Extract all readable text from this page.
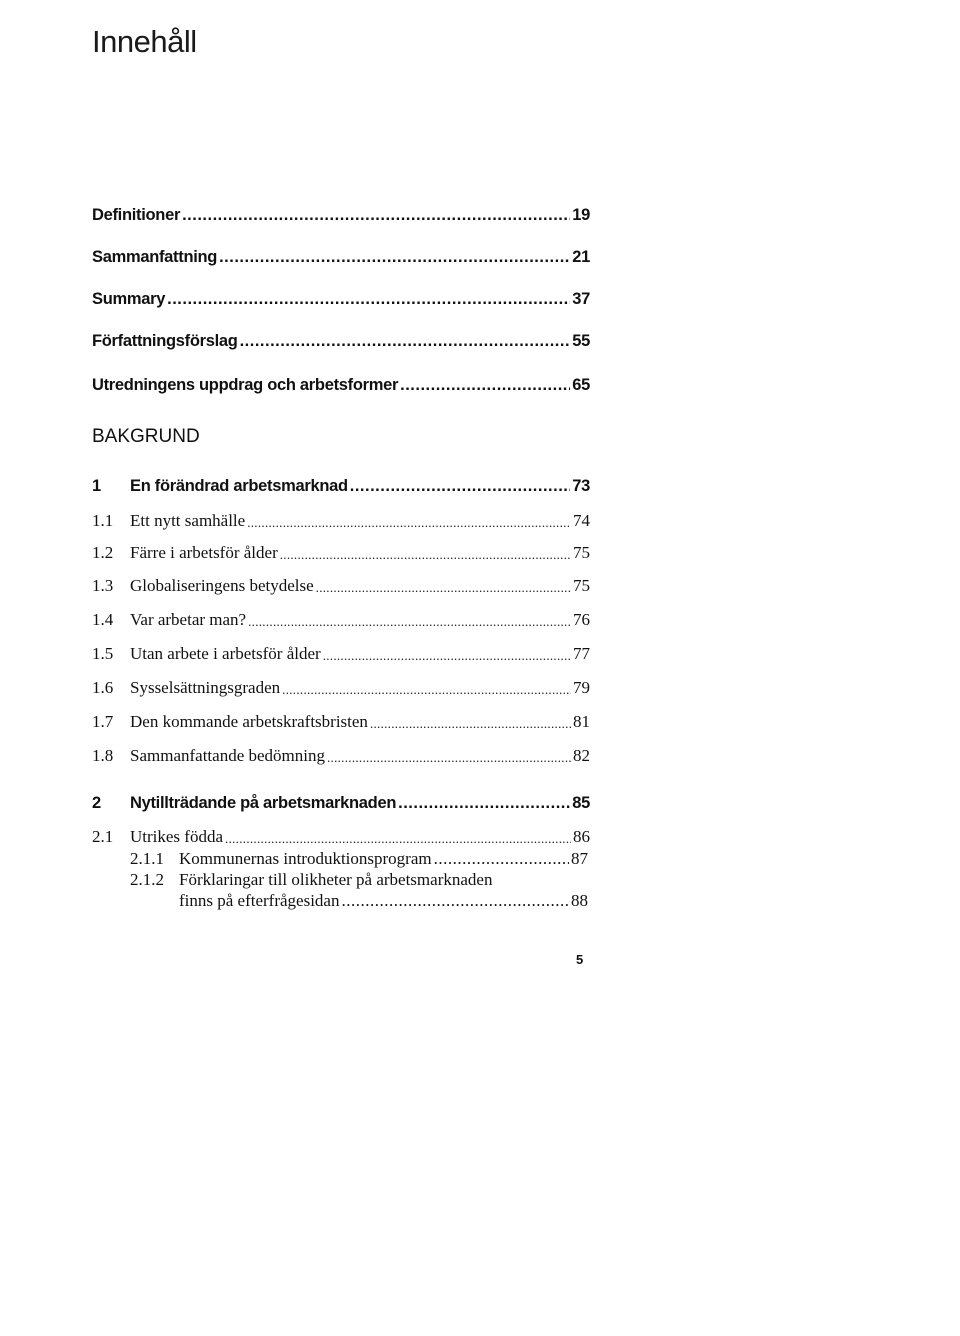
Innehåll
Definitioner .....	19
Sammanfattning .....	21
Summary .....	37
Författningsförslag .....	55
Utredningens uppdrag och arbetsformer .....	65
BAKGRUND
1	En förändrad arbetsmarknad .....	73
1.1 Ett nytt samhälle .....	74
1.2 Färre i arbetsför ålder .....	75
1.3 Globaliseringens betydelse .....	75
1.4 Var arbetar man? .....	76
1.5 Utan arbete i arbetsför ålder .....	77
1.6 Sysselsättningsgraden .....	79
1.7 Den kommande arbetskraftsbristen .....	81
1.8 Sammanfattande bedömning .....	82
2	Nytillträdande på arbetsmarknaden .....	85
2.1 Utrikes födda .....	86
2.1.1 Kommunernas introduktionsprogram .....	87
2.1.2 Förklaringar till olikheter på arbetsmarknaden
finns på efterfrågesidan .....	88
5
